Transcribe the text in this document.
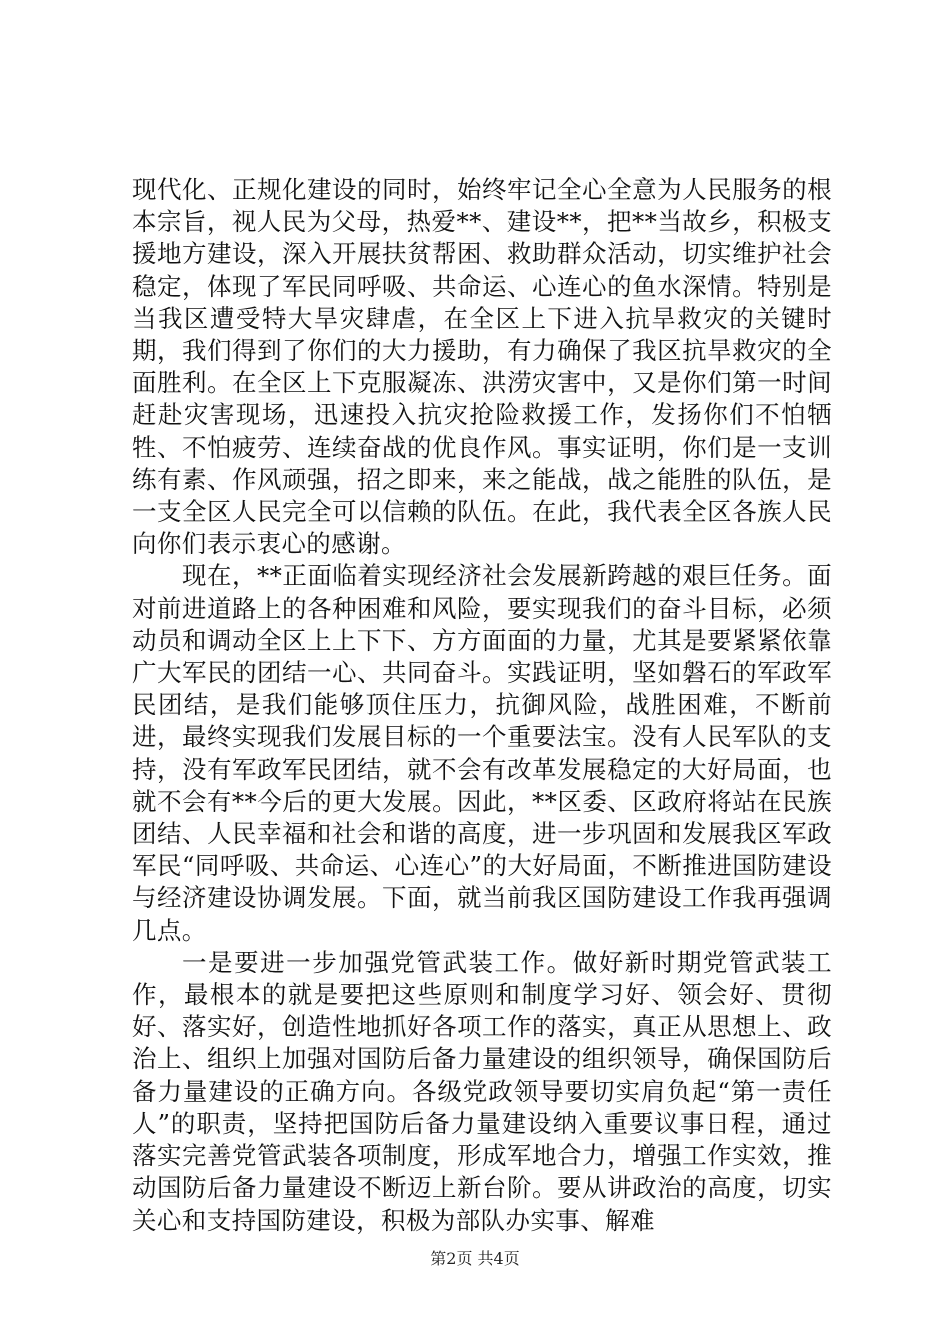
现代化、正规化建设的同时，始终牢记全心全意为人民服务的根本宗旨，视人民为父母，热爱**、建设**，把**当故乡，积极支援地方建设，深入开展扶贫帮困、救助群众活动，切实维护社会稳定，体现了军民同呼吸、共命运、心连心的鱼水深情。特别是当我区遭受特大旱灾肆虐，在全区上下进入抗旱救灾的关键时期，我们得到了你们的大力援助，有力确保了我区抗旱救灾的全面胜利。在全区上下克服凝冻、洪涝灾害中，又是你们第一时间赶赴灾害现场，迅速投入抗灾抢险救援工作，发扬你们不怕牺牲、不怕疲劳、连续奋战的优良作风。事实证明，你们是一支训练有素、作风顽强，招之即来，来之能战，战之能胜的队伍，是一支全区人民完全可以信赖的队伍。在此，我代表全区各族人民向你们表示衷心的感谢。

现在，**正面临着实现经济社会发展新跨越的艰巨任务。面对前进道路上的各种困难和风险，要实现我们的奋斗目标，必须动员和调动全区上上下下、方方面面的力量，尤其是要紧紧依靠广大军民的团结一心、共同奋斗。实践证明，坚如磐石的军政军民团结，是我们能够顶住压力，抗御风险，战胜困难，不断前进，最终实现我们发展目标的一个重要法宝。没有人民军队的支持，没有军政军民团结，就不会有改革发展稳定的大好局面，也就不会有**今后的更大发展。因此，**区委、区政府将站在民族团结、人民幸福和社会和谐的高度，进一步巩固和发展我区军政军民“同呼吸、共命运、心连心”的大好局面，不断推进国防建设与经济建设协调发展。下面，就当前我区国防建设工作我再强调几点。

一是要进一步加强党管武装工作。做好新时期党管武装工作，最根本的就是要把这些原则和制度学习好、领会好、贯彻好、落实好，创造性地抓好各项工作的落实，真正从思想上、政治上、组织上加强对国防后备力量建设的组织领导，确保国防后备力量建设的正确方向。各级党政领导要切实肩负起“第一责任人”的职责，坚持把国防后备力量建设纳入重要议事日程，通过落实完善党管武装各项制度，形成军地合力，增强工作实效，推动国防后备力量建设不断迈上新台阶。要从讲政治的高度，切实关心和支持国防建设，积极为部队办实事、解难

第2页 共4页
